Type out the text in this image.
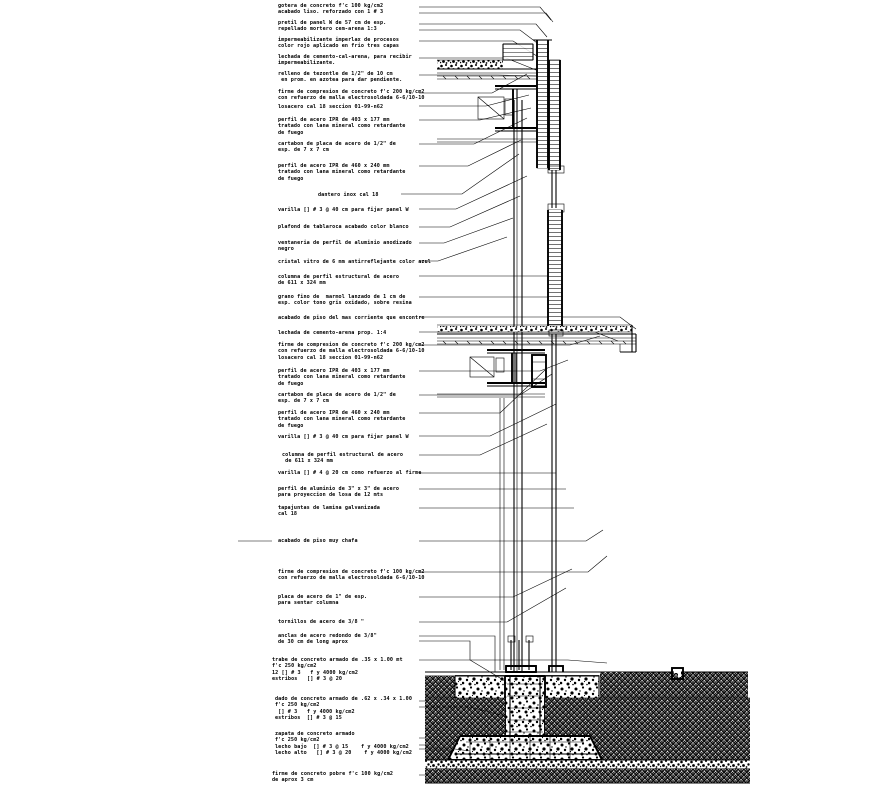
gotera de concreto f'c 100 kg/cm2
acabado liso. reforzado con 1 # 3
pretil de panel W de 57 cm de esp.
repellado mortero cem-arena 1:3
impermeabilizante imperlax de procesos
color rojo aplicado en frio tres capas
lechada de cemento-cal-arena, para recibir
impermeabilizante.
relleno de tezontle de 1/2" de 10 cm
en prom. en azotea para dar pendiente.
firme de compresion de concreto f'c 200 kg/cm2
con refuerzo de malla electrosoldada 6-6/10-10
losacero cal 18 seccion 01-99-n62
perfil de acero IPR de 403 x 177 mm
tratado con lana mineral como retardante
de fuego
cartabon de placa de acero de 1/2" de
esp. de 7 x 7 cm
perfil de acero IPR de 460 x 240 mm
tratado con lana mineral como retardante
de fuego
dantero inox cal 18
varilla [] # 3 @ 40 cm para fijar panel W
plafond de tablaroca acabado color blanco
ventaneria de perfil de aluminio anodizado
negro
cristal vitro de 6 mm antirreflejante color azul
columna de perfil estructural de acero
de 611 x 324 mm
grano fino de  marmol lanzado de 1 cm de
esp. color tono gris oxidado, sobre resina
acabado de piso del mas corriente que encontre
lechada de cemento-arena prop. 1:4
firme de compresion de concreto f'c 200 kg/cm2
con refuerzo de malla electrosoldada 6-6/10-10
losacero cal 18 seccion 01-99-n62
perfil de acero IPR de 403 x 177 mm
tratado con lana mineral como retardante
de fuego
cartabon de placa de acero de 1/2" de
esp. de 7 x 7 cm
perfil de acero IPR de 460 x 240 mm
tratado con lana mineral como retardante
de fuego
varilla [] # 3 @ 40 cm para fijar panel W
columna de perfil estructural de acero
de 611 x 324 mm
varilla [] # 4 @ 20 cm como refuerzo al firme
perfil de aluminio de 3" x 3" de acero
para proyeccion de losa de 12 mts
tapajuntas de lamina galvanizada
cal 18
acabado de piso muy chafa
firme de compresion de concreto f'c 100 kg/cm2
con refuerzo de malla electrosoldada 6-6/10-10
placa de acero de 1" de esp.
para sentar columna
tornillos de acero de 3/8 "
anclas de acero redondo de 3/8"
de 30 cm de long aprox
trabe de concreto armado de .35 x 1.00 mt
f'c 250 kg/cm2
12 [] # 3   f y 4000 kg/cm2
estribos   [] # 3 @ 20
dado de concreto armado de .62 x .34 x 1.00
f'c 250 kg/cm2
[] # 3   f y 4000 kg/cm2
estribos  [] # 3 @ 15
zapata de concreto armado
f'c 250 kg/cm2
lecho bajo  [] # 3 @ 15    f y 4000 kg/cm2
lecho alto   [] # 3 @ 20    f y 4000 kg/cm2
firme de concreto pobre f'c 100 kg/cm2
de aprox 3 cm
